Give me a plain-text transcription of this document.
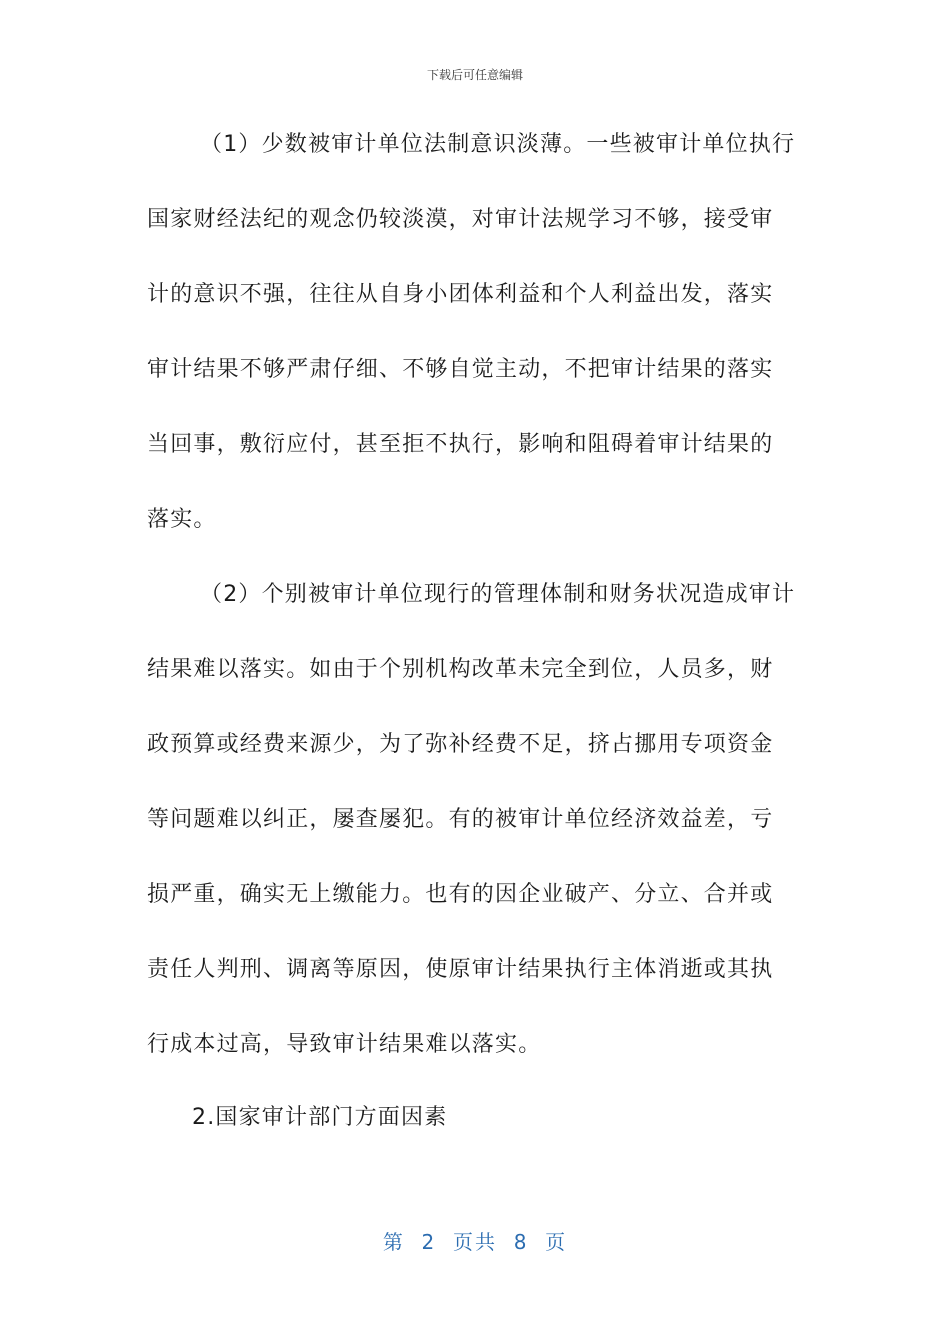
下载后可任意编辑
（1）少数被审计单位法制意识淡薄。一些被审计单位执行
国家财经法纪的观念仍较淡漠，对审计法规学习不够，接受审
计的意识不强，往往从自身小团体利益和个人利益出发，落实
审计结果不够严肃仔细、不够自觉主动，不把审计结果的落实
当回事，敷衍应付，甚至拒不执行，影响和阻碍着审计结果的
落实。
（2）个别被审计单位现行的管理体制和财务状况造成审计
结果难以落实。如由于个别机构改革未完全到位，人员多，财
政预算或经费来源少，为了弥补经费不足，挤占挪用专项资金
等问题难以纠正，屡查屡犯。有的被审计单位经济效益差，亏
损严重，确实无上缴能力。也有的因企业破产、分立、合并或
责任人判刑、调离等原因，使原审计结果执行主体消逝或其执
行成本过高，导致审计结果难以落实。
2.国家审计部门方面因素
第  2  页共  8  页
